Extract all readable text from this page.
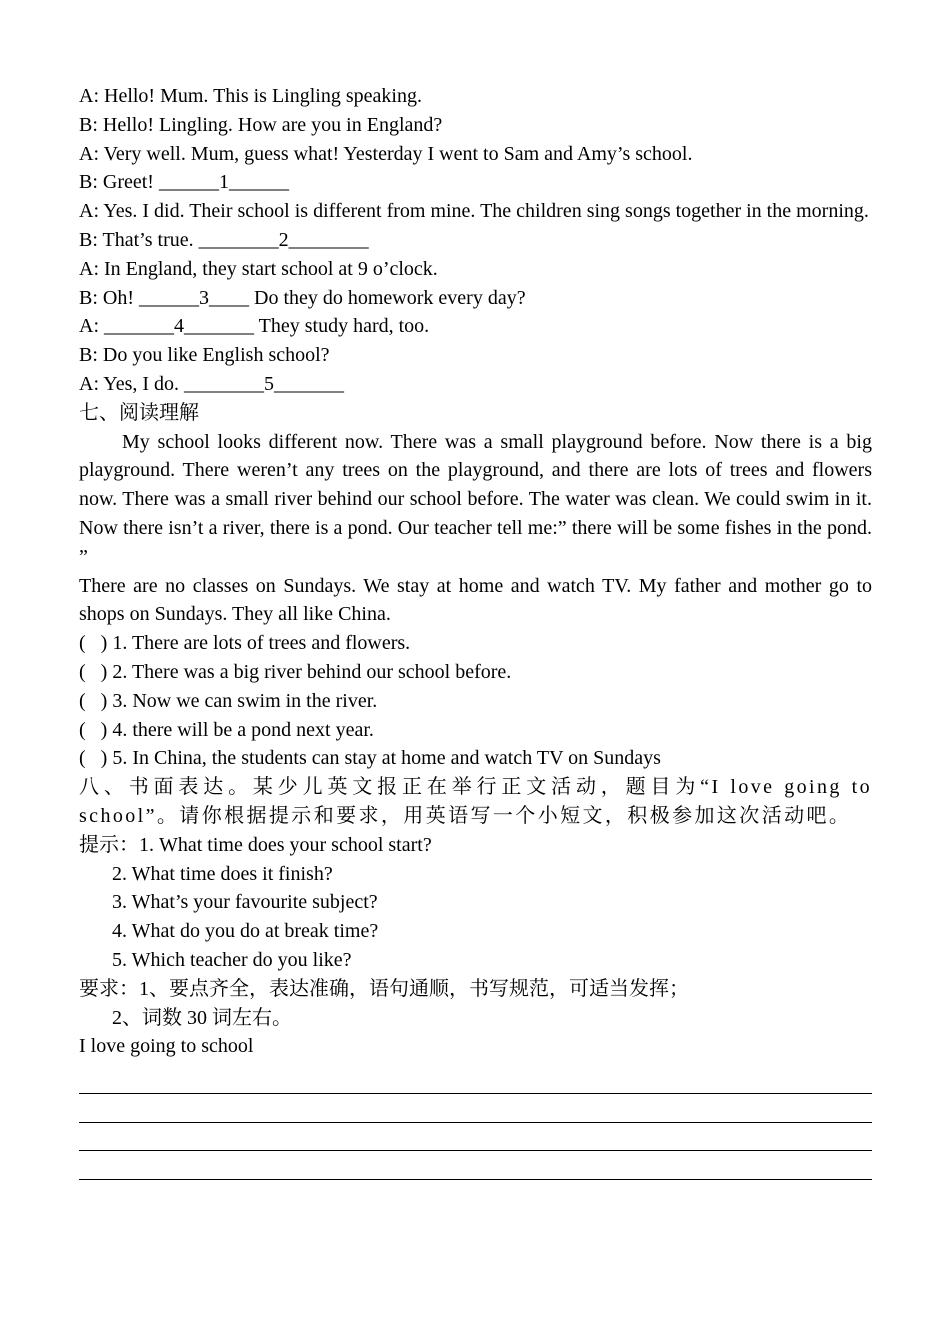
A: Hello! Mum. This is Lingling speaking.
B: Hello! Lingling. How are you in England?
A: Very well. Mum, guess what! Yesterday I went to Sam and Amy’s school.
B: Greet! ______1______
A: Yes. I did. Their school is different from mine. The children sing songs together in the morning.
B: That’s true. ________2________
A: In England, they start school at 9 o’clock.
B: Oh! ______3____ Do they do homework every day?
A: _______4_______ They study hard, too.
B: Do you like English school?
A: Yes, I do. ________5_______
七、阅读理解
My school looks different now. There was a small playground before. Now there is a big playground. There weren’t any trees on the playground, and there are lots of trees and flowers now. There was a small river behind our school before. The water was clean. We could swim in it. Now there isn’t a river, there is a pond. Our teacher tell me:” there will be some fishes in the pond. ”
There are no classes on Sundays. We stay at home and watch TV. My father and mother go to shops on Sundays. They all like China.
(   ) 1. There are lots of trees and flowers.
(   ) 2. There was a big river behind our school before.
(   ) 3. Now we can swim in the river.
(   ) 4. there will be a pond next year.
(   ) 5. In China, the students can stay at home and watch TV on Sundays
八、书面表达。某少儿英文报正在举行正文活动，题目为“I love going to school”。请你根据提示和要求，用英语写一个小短文，积极参加这次活动吧。
提示：1. What time does your school start?
2. What time does it finish?
3. What’s your favourite subject?
4. What do you do at break time?
5. Which teacher do you like?
要求：1、要点齐全，表达准确，语句通顺，书写规范，可适当发挥；
2、词数 30 词左右。
I love going to school
